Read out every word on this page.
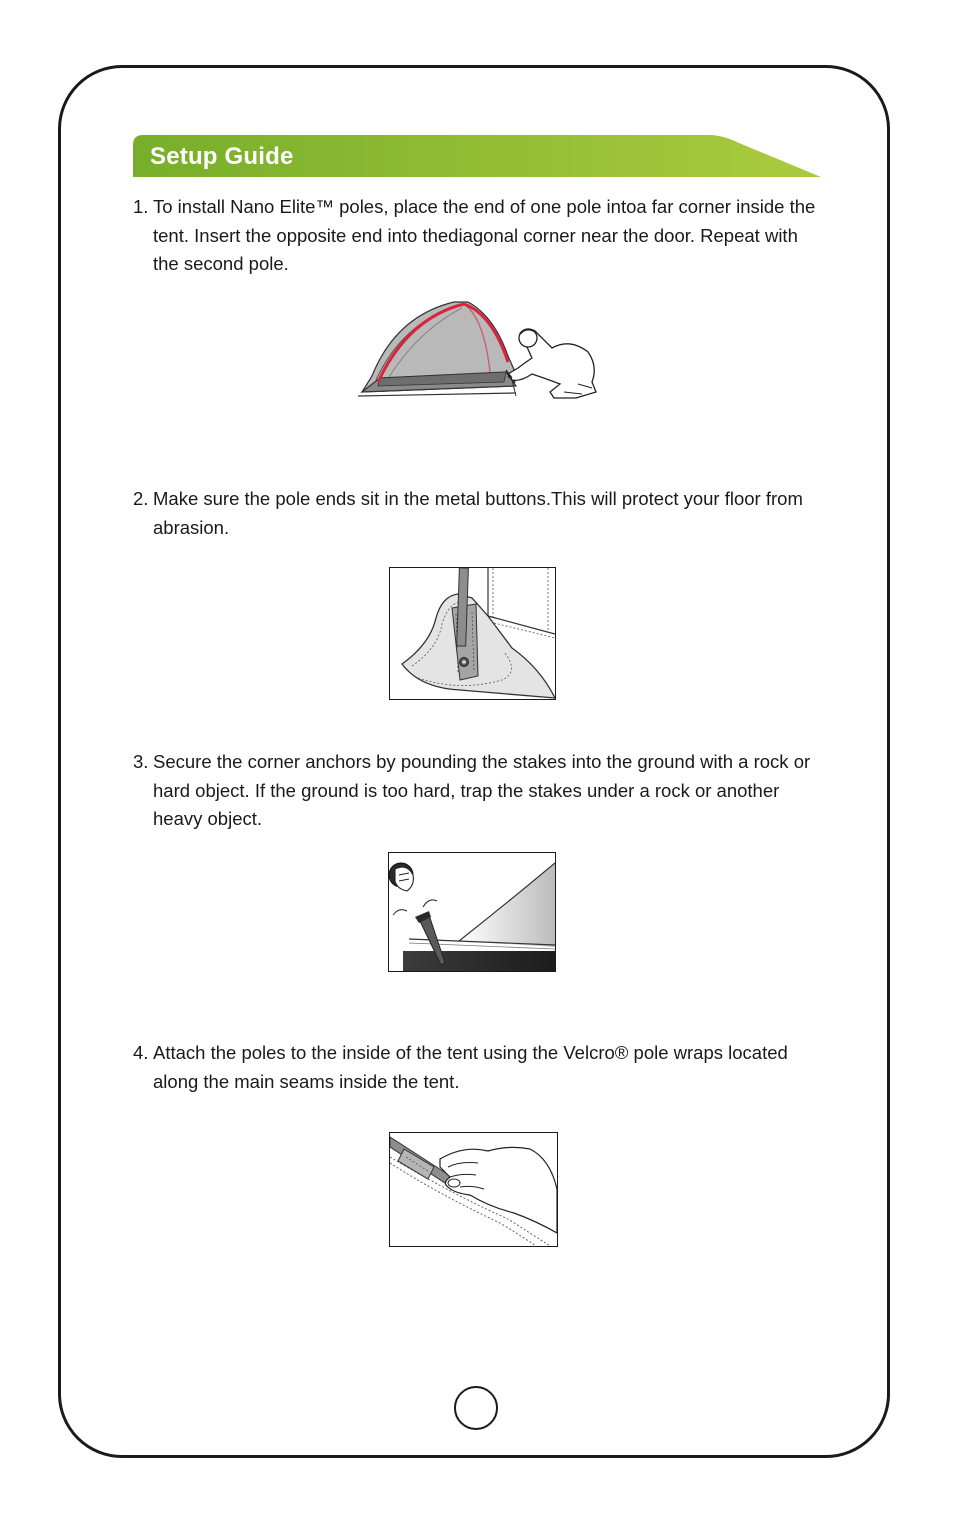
Setup Guide
1. To install Nano Elite™ poles, place the end of one pole intoa far corner inside the tent. Insert the opposite end into thediagonal corner near the door. Repeat with the second pole.
2. Make sure the pole ends sit in the metal buttons.This will protect your floor from abrasion.
3. Secure the corner anchors by pounding the stakes into the ground with a rock or hard object. If the ground is too hard, trap the stakes under a rock or another heavy object.
4. Attach the poles to the inside of the tent using the Velcro® pole wraps located along the main seams inside the tent.
